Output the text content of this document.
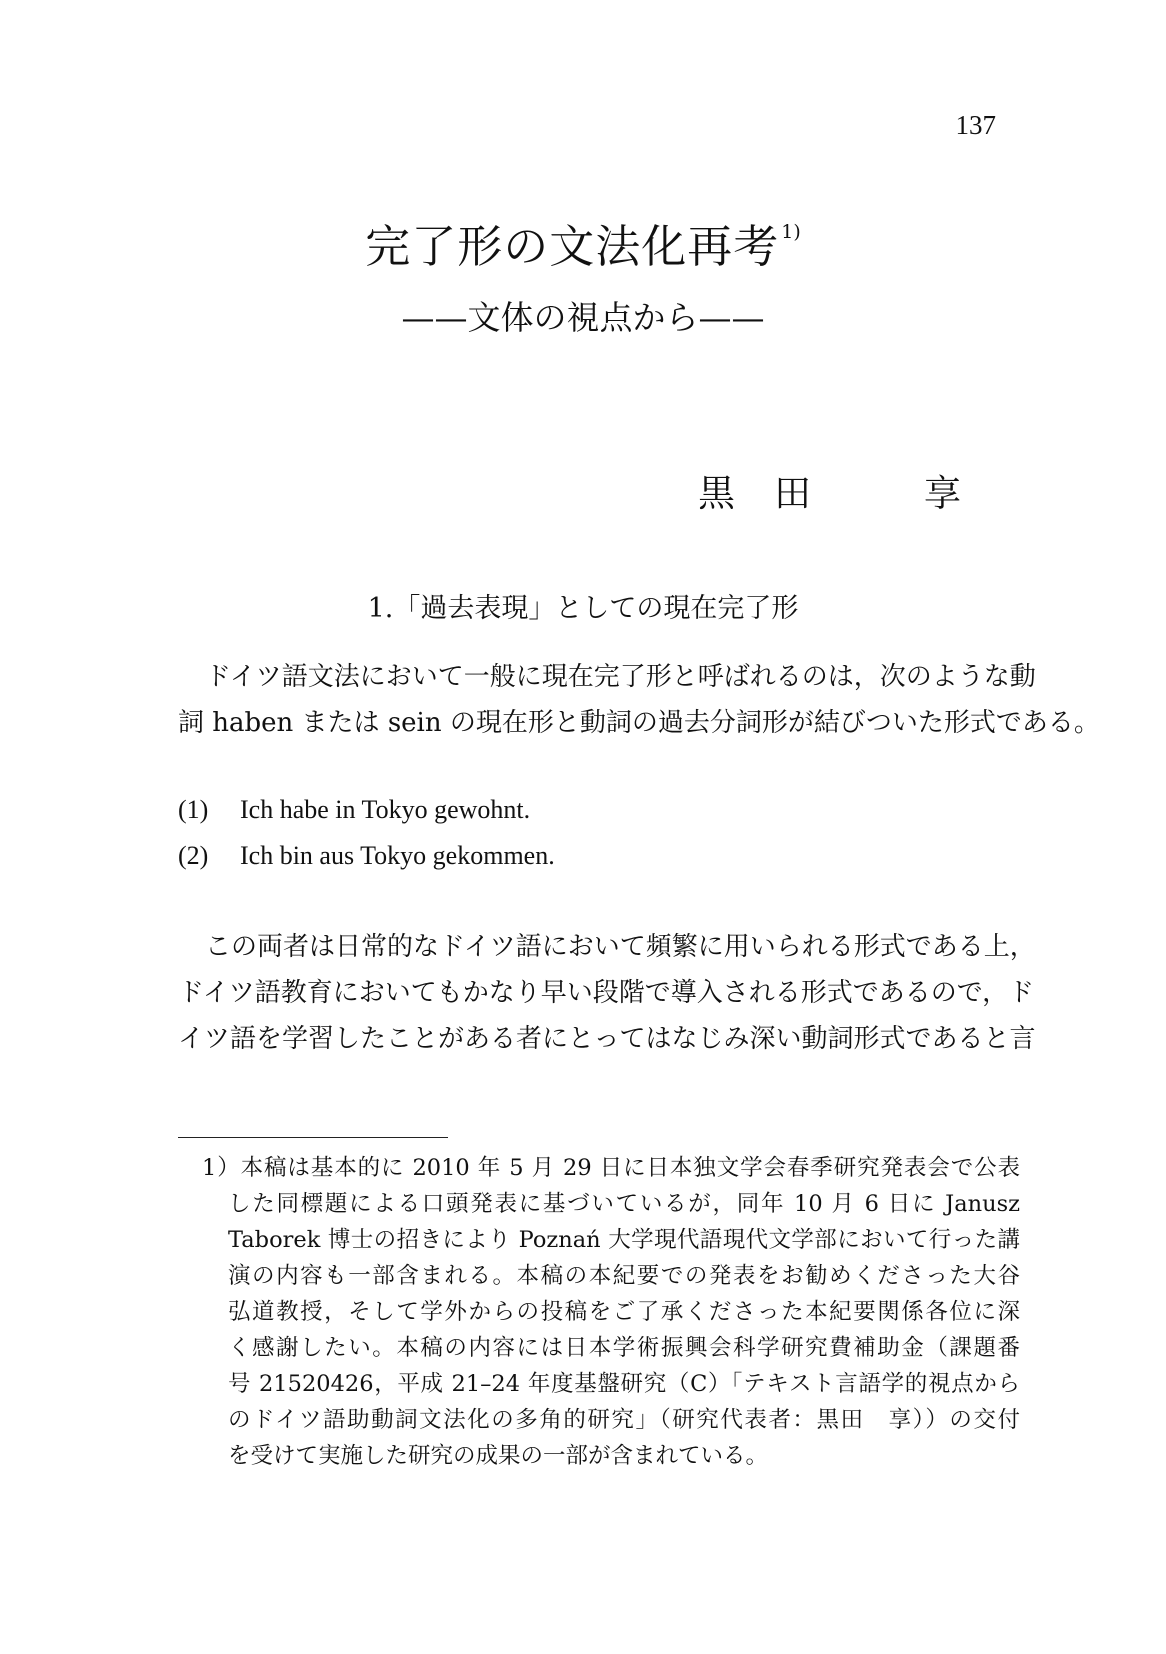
137
完了形の文法化再考 $^{1)}$
——文体の視点から——
黒	田	享
1.「過去表現」としての現在完了形
ドイツ語文法において一般に現在完了形と呼ばれるのは，次のような動
詞 haben または sein の現在形と動詞の過去分詞形が結びついた形式である。
(1) Ich habe in Tokyo gewohnt.
(2) Ich bin aus Tokyo gekommen.
この両者は日常的なドイツ語において頻繁に用いられる形式である上，
ドイツ語教育においてもかなり早い段階で導入される形式であるので，ド
イツ語を学習したことがある者にとってはなじみ深い動詞形式であると言
1）本稿は基本的に 2010 年 5 月 29 日に日本独文学会春季研究発表会で公表
した同標題による口頭発表に基づいているが，同年 10 月 6 日に Janusz
Taborek 博士の招きにより Poznań 大学現代語現代文学部において行った講
演の内容も一部含まれる。本稿の本紀要での発表をお勧めくださった大谷
弘道教授，そして学外からの投稿をご了承くださった本紀要関係各位に深
く感謝したい。本稿の内容には日本学術振興会科学研究費補助金（課題番
号 21520426，平成 21–24 年度基盤研究（C）「テキスト言語学的視点から
のドイツ語助動詞文法化の多角的研究」（研究代表者：黒田　享））の交付
を受けて実施した研究の成果の一部が含まれている。
